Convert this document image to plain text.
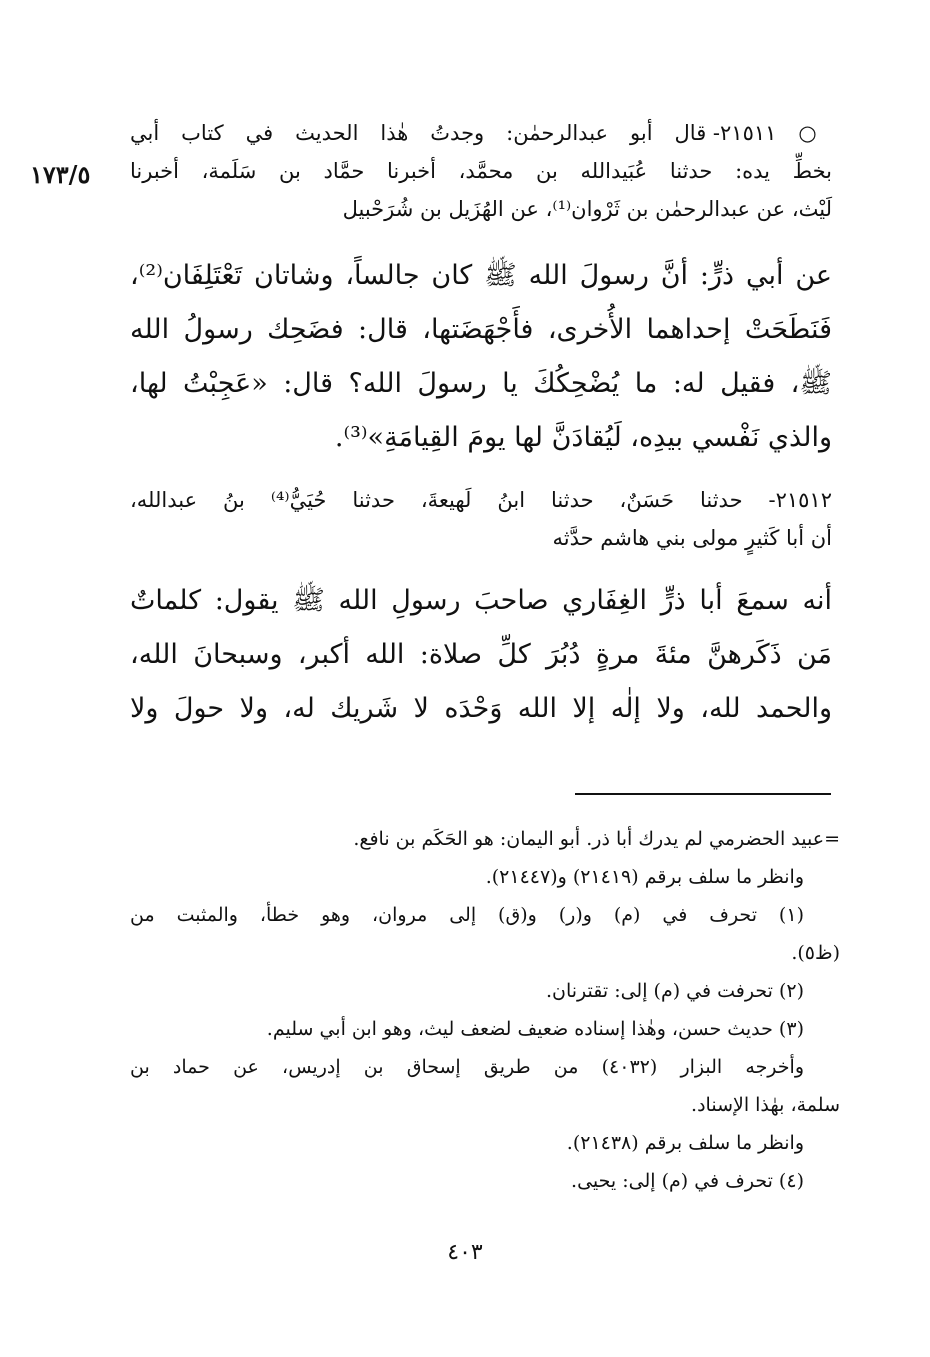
١٧٣/٥
○ ٢١٥١١- قال أبو عبدالرحمٰن: وجدتُ هٰذا الحديث في كتاب أبي
بخطِّ يده: حدثنا عُبَيدالله بن محمَّد، أخبرنا حمَّاد بن سَلَمة، أخبرنا
لَيْث، عن عبدالرحمٰن بن ثَرْوان⁽¹⁾، عن الهُزَيل بن شُرَحْبيل
عن أبي ذرٍّ: أنَّ رسولَ الله ﷺ كان جالساً، وشاتان تَعْتَلِفَان⁽²⁾،
فَنَطَحَتْ إحداهما الأُخرى، فأَجْهَضَتها، قال: فضَحِك رسولُ الله
ﷺ، فقيل له: ما يُضْحِكُكَ يا رسولَ الله؟ قال: «عَجِبْتُ لها،
والذي نَفْسي بيدِه، لَيُقادَنَّ لها يومَ القِيامَةِ»⁽³⁾.
٢١٥١٢- حدثنا حَسَنٌ، حدثنا ابنُ لَهيعةَ، حدثنا حُيَيُّ⁽⁴⁾ بنُ عبدالله،
أن أبا كَثيرٍ مولى بني هاشم حدَّثه
أنه سمعَ أبا ذرٍّ الغِفَاري صاحبَ رسولِ الله ﷺ يقول: كلماتٌ
مَن ذَكَرهنَّ مئةَ مرةٍ دُبُرَ كلِّ صلاة: الله أكبر، وسبحانَ الله،
والحمد لله، ولا إلٰه إلا الله وَحْدَه لا شَريك له، ولا حولَ ولا
=عبيد الحضرمي لم يدرك أبا ذر. أبو اليمان: هو الحَكَم بن نافع.
وانظر ما سلف برقم (٢١٤١٩) و(٢١٤٤٧).
(١) تحرف في (م) و(ر) و(ق) إلى مروان، وهو خطأ، والمثبت من
(ظ٥).
(٢) تحرفت في (م) إلى: تقترنان.
(٣) حديث حسن، وهٰذا إسناده ضعيف لضعف ليث، وهو ابن أبي سليم.
وأخرجه البزار (٤٠٣٢) من طريق إسحاق بن إدريس، عن حماد بن
سلمة، بهٰذا الإسناد.
وانظر ما سلف برقم (٢١٤٣٨).
(٤) تحرف في (م) إلى: يحيى.
٤٠٣
